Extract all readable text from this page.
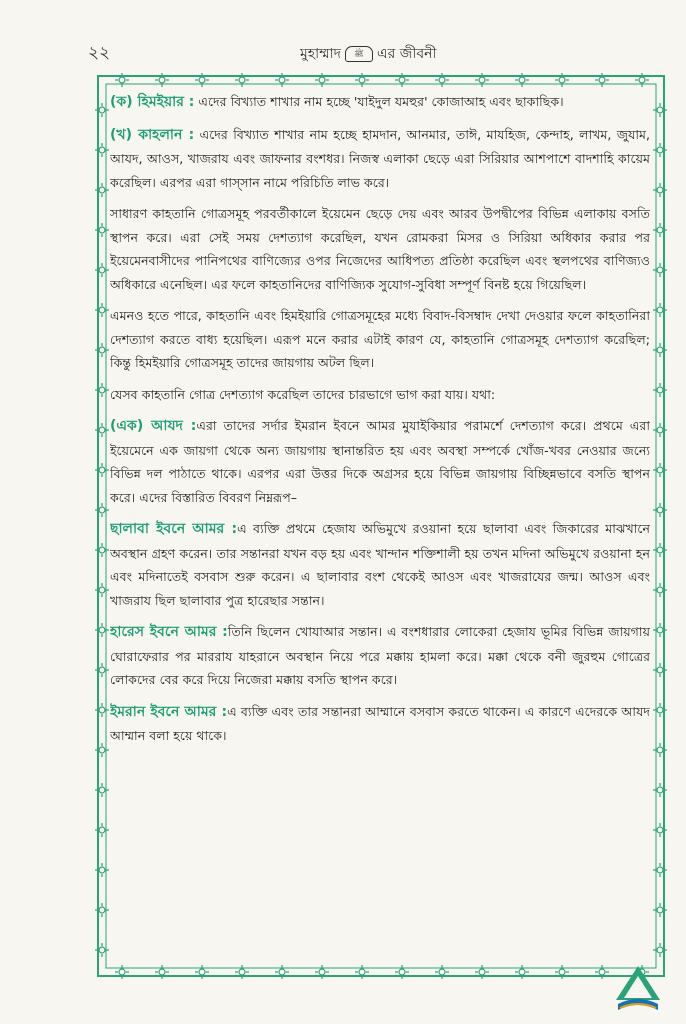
২২	মুহাম্মাদ	ﷺ এর জীবনী

(ক) হিমইয়ার : এদের বিখ্যাত শাখার নাম হচ্ছে 'যাইদুল যমহুর' কোজাআহ এবং ছাকাছিক।

(খ) কাহলান : এদের বিখ্যাত শাখার নাম হচ্ছে হামদান, আনমার, তাঈ, মাযহিজ, কেন্দাহ, লাখম, জুযাম, আযদ, আওস, খাজরায এবং জাফনার বংশধর। নিজস্ব এলাকা ছেড়ে এরা সিরিয়ার আশপাশে বাদশাহি কায়েম করেছিল। এরপর এরা গাস্সান নামে পরিচিতি লাভ করে।

সাধারণ কাহতানি গোত্রসমূহ পরবর্তীকালে ইয়েমেন ছেড়ে দেয় এবং আরব উপদ্বীপের বিভিন্ন এলাকায় বসতি স্থাপন করে। এরা সেই সময় দেশত্যাগ করেছিল, যখন রোমকরা মিসর ও সিরিয়া অধিকার করার পর ইয়েমেনবাসীদের পানিপথের বাণিজ্যের ওপর নিজেদের আধিপত্য প্রতিষ্ঠা করেছিল এবং স্থলপথের বাণিজ্যও অধিকারে এনেছিল। এর ফলে কাহতানিদের বাণিজ্যিক সুযোগ-সুবিধা সম্পূর্ণ বিনষ্ট হয়ে গিয়েছিল।

এমনও হতে পারে, কাহতানি এবং হিমইয়ারি গোত্রসমূহের মধ্যে বিবাদ-বিসম্বাদ দেখা দেওয়ার ফলে কাহতানিরা দেশত্যাগ করতে বাধ্য হয়েছিল। এরূপ মনে করার এটাই কারণ যে, কাহতানি গোত্রসমূহ দেশত্যাগ করেছিল; কিন্তু হিমইয়ারি গোত্রসমূহ তাদের জায়গায় অটল ছিল।

যেসব কাহতানি গোত্র দেশত্যাগ করেছিল তাদের চারভাগে ভাগ করা যায়। যথা:

(এক) আযদ :এরা তাদের সর্দার ইমরান ইবনে আমর মুযাইকিয়ার পরামর্শে দেশত্যাগ করে। প্রথমে এরা ইয়েমেনে এক জায়গা থেকে অন্য জায়গায় স্থানান্তরিত হয় এবং অবস্থা সম্পর্কে খোঁজ-খবর নেওয়ার জন্যে বিভিন্ন দল পাঠাতে থাকে। এরপর এরা উত্তর দিকে অগ্রসর হয়ে বিভিন্ন জায়গায় বিচ্ছিন্নভাবে বসতি স্থাপন করে। এদের বিস্তারিত বিবরণ নিম্নরূপ–

ছালাবা ইবনে আমর :এ ব্যক্তি প্রথমে হেজায অভিমুখে রওয়ানা হয়ে ছালাবা এবং জিকারের মাঝখানে অবস্থান গ্রহণ করেন। তার সন্তানরা যখন বড় হয় এবং খান্দান শক্তিশালী হয় তখন মদিনা অভিমুখে রওয়ানা হন এবং মদিনাতেই বসবাস শুরু করেন। এ ছালাবার বংশ থেকেই আওস এবং খাজরাযের জন্ম। আওস এবং খাজরায ছিল ছালাবার পুত্র হারেছার সন্তান।

হারেস ইবনে আমর :তিনি ছিলেন খোযাআর সন্তান। এ বংশধারার লোকেরা হেজায ভূমির বিভিন্ন জায়গায় ঘোরাফেরার পর মাররায যাহরানে অবস্থান নিয়ে পরে মক্কায় হামলা করে। মক্কা থেকে বনী জুরহুম গোত্রের লোকদের বের করে দিয়ে নিজেরা মক্কায় বসতি স্থাপন করে।

ইমরান ইবনে আমর :এ ব্যক্তি এবং তার সন্তানরা আম্মানে বসবাস করতে থাকেন। এ কারণে এদেরকে আযদ আম্মান বলা হয়ে থাকে।
